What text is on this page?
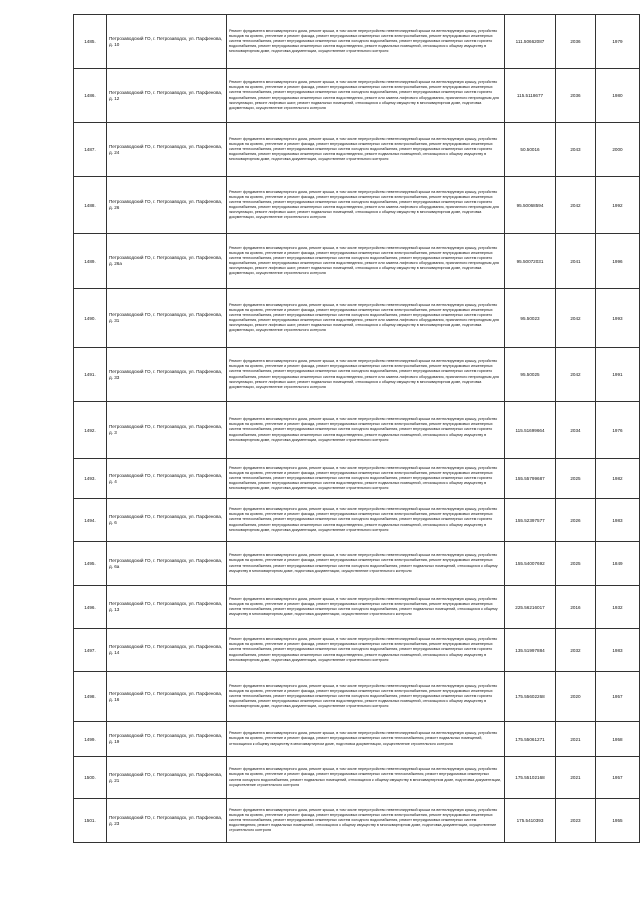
1485.	Петрозаводский ГО, г. Петрозаводск, ул. Парфенова, д. 10	Ремонт фундамента многоквартирного дома, ремонт крыши, в том числе переустройство невентилируемой крыши на вентилируемую крышу, устройство выходов на кровлю, утепление и ремонт фасада, ремонт внутридомовых инженерных систем электроснабжения, ремонт внутридомовых инженерных систем теплоснабжения, ремонт внутридомовых инженерных систем холодного водоснабжения, ремонт внутридомовых инженерных систем горячего водоснабжения, ремонт внутридомовых инженерных систем водоотведения, ремонт подвальных помещений, относящихся к общему имуществу в многоквартирном доме, подготовка документации, осуществление строительного контроля	111.50662087	2036	1979
1486.	Петрозаводский ГО, г. Петрозаводск, ул. Парфенова, д. 12	Ремонт фундамента многоквартирного дома, ремонт крыши, в том числе переустройство невентилируемой крыши на вентилируемую крышу, устройство выходов на кровлю, утепление и ремонт фасада, ремонт внутридомовых инженерных систем электроснабжения, ремонт внутридомовых инженерных систем теплоснабжения, ремонт внутридомовых инженерных систем холодного водоснабжения, ремонт внутридомовых инженерных систем горячего водоснабжения, ремонт внутридомовых инженерных систем водоотведения, ремонт или замена лифтового оборудования, признанного непригодным для эксплуатации, ремонт лифтовых шахт, ремонт подвальных помещений, относящихся к общему имуществу в многоквартирном доме, подготовка документации, осуществление строительного контроля	115.5118677	2036	1980
1487.	Петрозаводский ГО, г. Петрозаводск, ул. Парфенова, д. 24	Ремонт фундамента многоквартирного дома, ремонт крыши, в том числе переустройство невентилируемой крыши на вентилируемую крышу, устройство выходов на кровлю, утепление и ремонт фасада, ремонт внутридомовых инженерных систем электроснабжения, ремонт внутридомовых инженерных систем теплоснабжения, ремонт внутридомовых инженерных систем холодного водоснабжения, ремонт внутридомовых инженерных систем горячего водоснабжения, ремонт внутридомовых инженерных систем водоотведения, ремонт подвальных помещений, относящихся к общему имуществу в многоквартирном доме, подготовка документации, осуществление строительного контроля	50.50016	2043	2000
1488.	Петрозаводский ГО, г. Петрозаводск, ул. Парфенова, д. 26	Ремонт фундамента многоквартирного дома, ремонт крыши, в том числе переустройство невентилируемой крыши на вентилируемую крышу, устройство выходов на кровлю, утепление и ремонт фасада, ремонт внутридомовых инженерных систем электроснабжения, ремонт внутридомовых инженерных систем теплоснабжения, ремонт внутридомовых инженерных систем холодного водоснабжения, ремонт внутридомовых инженерных систем горячего водоснабжения, ремонт внутридомовых инженерных систем водоотведения, ремонт или замена лифтового оборудования, признанного непригодным для эксплуатации, ремонт лифтовых шахт, ремонт подвальных помещений, относящихся к общему имуществу в многоквартирном доме, подготовка документации, осуществление строительного контроля	95.50068594	2042	1992
1489.	Петрозаводский ГО, г. Петрозаводск, ул. Парфенова, д. 26а	Ремонт фундамента многоквартирного дома, ремонт крыши, в том числе переустройство невентилируемой крыши на вентилируемую крышу, устройство выходов на кровлю, утепление и ремонт фасада, ремонт внутридомовых инженерных систем электроснабжения, ремонт внутридомовых инженерных систем теплоснабжения, ремонт внутридомовых инженерных систем холодного водоснабжения, ремонт внутридомовых инженерных систем горячего водоснабжения, ремонт внутридомовых инженерных систем водоотведения, ремонт или замена лифтового оборудования, признанного непригодным для эксплуатации, ремонт лифтовых шахт, ремонт подвальных помещений, относящихся к общему имуществу в многоквартирном доме, подготовка документации, осуществление строительного контроля	95.50072031	2041	1996
1490.	Петрозаводский ГО, г. Петрозаводск, ул. Парфенова, д. 31	Ремонт фундамента многоквартирного дома, ремонт крыши, в том числе переустройство невентилируемой крыши на вентилируемую крышу, устройство выходов на кровлю, утепление и ремонт фасада, ремонт внутридомовых инженерных систем электроснабжения, ремонт внутридомовых инженерных систем теплоснабжения, ремонт внутридомовых инженерных систем холодного водоснабжения, ремонт внутридомовых инженерных систем горячего водоснабжения, ремонт внутридомовых инженерных систем водоотведения, ремонт или замена лифтового оборудования, признанного непригодным для эксплуатации, ремонт лифтовых шахт, ремонт подвальных помещений, относящихся к общему имуществу в многоквартирном доме, подготовка документации, осуществление строительного контроля	95.50023	2042	1993
1491.	Петрозаводский ГО, г. Петрозаводск, ул. Парфенова, д. 33	Ремонт фундамента многоквартирного дома, ремонт крыши, в том числе переустройство невентилируемой крыши на вентилируемую крышу, устройство выходов на кровлю, утепление и ремонт фасада, ремонт внутридомовых инженерных систем электроснабжения, ремонт внутридомовых инженерных систем теплоснабжения, ремонт внутридомовых инженерных систем холодного водоснабжения, ремонт внутридомовых инженерных систем горячего водоснабжения, ремонт внутридомовых инженерных систем водоотведения, ремонт или замена лифтового оборудования, признанного непригодным для эксплуатации, ремонт лифтовых шахт, ремонт подвальных помещений, относящихся к общему имуществу в многоквартирном доме, подготовка документации, осуществление строительного контроля	95.50025	2042	1991
1492.	Петрозаводский ГО, г. Петрозаводск, ул. Парфенова, д. 3	Ремонт фундамента многоквартирного дома, ремонт крыши, в том числе переустройство невентилируемой крыши на вентилируемую крышу, устройство выходов на кровлю, утепление и ремонт фасада, ремонт внутридомовых инженерных систем электроснабжения, ремонт внутридомовых инженерных систем теплоснабжения, ремонт внутридомовых инженерных систем холодного водоснабжения, ремонт внутридомовых инженерных систем горячего водоснабжения, ремонт внутридомовых инженерных систем водоотведения, ремонт подвальных помещений, относящихся к общему имуществу в многоквартирном доме, подготовка документации, осуществление строительного контроля	115.51699664	2034	1976
1493.	Петрозаводский ГО, г. Петрозаводск, ул. Парфенова, д. 4	Ремонт фундамента многоквартирного дома, ремонт крыши, в том числе переустройство невентилируемой крыши на вентилируемую крышу, устройство выходов на кровлю, утепление и ремонт фасада, ремонт внутридомовых инженерных систем электроснабжения, ремонт внутридомовых инженерных систем теплоснабжения, ремонт внутридомовых инженерных систем холодного водоснабжения, ремонт внутридомовых инженерных систем горячего водоснабжения, ремонт внутридомовых инженерных систем водоотведения, ремонт подвальных помещений, относящихся к общему имуществу в многоквартирном доме, подготовка документации, осуществление строительного контроля	155.55799687	2025	1982
1494.	Петрозаводский ГО, г. Петрозаводск, ул. Парфенова, д. 6	Ремонт фундамента многоквартирного дома, ремонт крыши, в том числе переустройство невентилируемой крыши на вентилируемую крышу, устройство выходов на кровлю, утепление и ремонт фасада, ремонт внутридомовых инженерных систем электроснабжения, ремонт внутридомовых инженерных систем теплоснабжения, ремонт внутридомовых инженерных систем холодного водоснабжения, ремонт внутридомовых инженерных систем горячего водоснабжения, ремонт внутридомовых инженерных систем водоотведения, ремонт подвальных помещений, относящихся к общему имуществу в многоквартирном доме, подготовка документации, осуществление строительного контроля	155.52397577	2026	1983
1495.	Петрозаводский ГО, г. Петрозаводск, ул. Парфенова, д. 6а	Ремонт фундамента многоквартирного дома, ремонт крыши, в том числе переустройство невентилируемой крыши на вентилируемую крышу, устройство выходов на кровлю, утепление и ремонт фасада, ремонт внутридомовых инженерных систем электроснабжения, ремонт внутридомовых инженерных систем теплоснабжения, ремонт внутридомовых инженерных систем холодного водоснабжения, ремонт подвальных помещений, относящихся к общему имуществу в многоквартирном доме, подготовка документации, осуществление строительного контроля	155.54007692	2025	1849
1496.	Петрозаводский ГО, г. Петрозаводск, ул. Парфенова, д. 13	Ремонт фундамента многоквартирного дома, ремонт крыши, в том числе переустройство невентилируемой крыши на вентилируемую крышу, устройство выходов на кровлю, утепление и ремонт фасада, ремонт внутридомовых инженерных систем электроснабжения, ремонт внутридомовых инженерных систем теплоснабжения, ремонт внутридомовых инженерных систем холодного водоснабжения, ремонт подвальных помещений, относящихся к общему имуществу в многоквартирном доме, подготовка документации, осуществление строительного контроля	225.56216017	2016	1932
1497.	Петрозаводский ГО, г. Петрозаводск, ул. Парфенова, д. 14	Ремонт фундамента многоквартирного дома, ремонт крыши, в том числе переустройство невентилируемой крыши на вентилируемую крышу, устройство выходов на кровлю, утепление и ремонт фасада, ремонт внутридомовых инженерных систем электроснабжения, ремонт внутридомовых инженерных систем теплоснабжения, ремонт внутридомовых инженерных систем холодного водоснабжения, ремонт внутридомовых инженерных систем горячего водоснабжения, ремонт внутридомовых инженерных систем водоотведения, ремонт подвальных помещений, относящихся к общему имуществу в многоквартирном доме, подготовка документации, осуществление строительного контроля	135.51997884	2032	1983
1498.	Петрозаводский ГО, г. Петрозаводск, ул. Парфенова, д. 16	Ремонт фундамента многоквартирного дома, ремонт крыши, в том числе переустройство невентилируемой крыши на вентилируемую крышу, устройство выходов на кровлю, утепление и ремонт фасада, ремонт внутридомовых инженерных систем электроснабжения, ремонт внутридомовых инженерных систем теплоснабжения, ремонт внутридомовых инженерных систем холодного водоснабжения, ремонт внутридомовых инженерных систем горячего водоснабжения, ремонт внутридомовых инженерных систем водоотведения, ремонт подвальных помещений, относящихся к общему имуществу в многоквартирном доме, подготовка документации, осуществление строительного контроля	175.55602268	2020	1957
1499.	Петрозаводский ГО, г. Петрозаводск, ул. Парфенова, д. 19	Ремонт фундамента многоквартирного дома, ремонт крыши, в том числе переустройство невентилируемой крыши на вентилируемую крышу, устройство выходов на кровлю, утепление и ремонт фасада, ремонт внутридомовых инженерных систем теплоснабжения, ремонт подвальных помещений, относящихся к общему имуществу в многоквартирном доме, подготовка документации, осуществление строительного контроля	175.55061271	2021	1958
1500.	Петрозаводский ГО, г. Петрозаводск, ул. Парфенова, д. 21	Ремонт фундамента многоквартирного дома, ремонт крыши, в том числе переустройство невентилируемой крыши на вентилируемую крышу, устройство выходов на кровлю, утепление и ремонт фасада, ремонт внутридомовых инженерных систем теплоснабжения, ремонт внутридомовых инженерных систем холодного водоснабжения, ремонт подвальных помещений, относящихся к общему имуществу в многоквартирном доме, подготовка документации, осуществление строительного контроля	175.55102168	2021	1957
1501.	Петрозаводский ГО, г. Петрозаводск, ул. Парфенова, д. 23	Ремонт фундамента многоквартирного дома, ремонт крыши, в том числе переустройство невентилируемой крыши на вентилируемую крышу, устройство выходов на кровлю, утепление и ремонт фасада, ремонт внутридомовых инженерных систем электроснабжения, ремонт внутридомовых инженерных систем теплоснабжения, ремонт внутридомовых инженерных систем холодного водоснабжения, ремонт внутридомовых инженерных систем водоотведения, ремонт подвальных помещений, относящихся к общему имуществу в многоквартирном доме, подготовка документации, осуществление строительного контроля	175.5410393	2023	1955
